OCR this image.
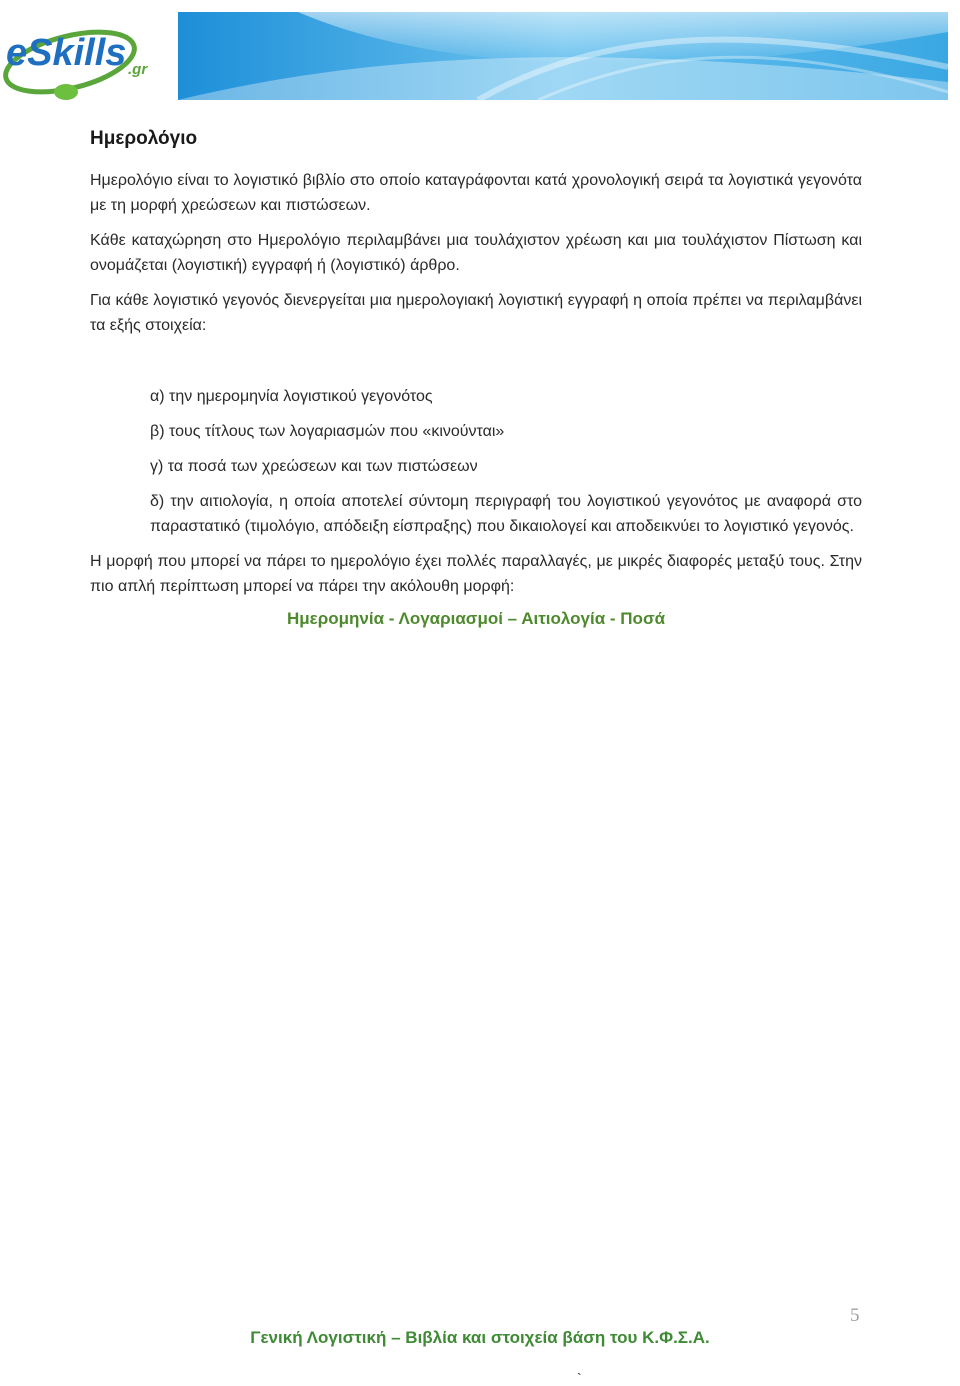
eSkills .gr
Ημερολόγιο

Ημερολόγιο είναι το λογιστικό βιβλίο στο οποίο καταγράφονται κατά χρονολογική σειρά τα λογιστικά γεγονότα με τη μορφή χρεώσεων και πιστώσεων.

Κάθε καταχώρηση στο Ημερολόγιο περιλαμβάνει μια τουλάχιστον χρέωση και μια τουλάχιστον Πίστωση και ονομάζεται (λογιστική) εγγραφή ή (λογιστικό) άρθρο.

Για κάθε λογιστικό γεγονός διενεργείται μια ημερολογιακή λογιστική εγγραφή η οποία πρέπει να περιλαμβάνει τα εξής στοιχεία:

α) την ημερομηνία λογιστικού γεγονότος
β) τους τίτλους των λογαριασμών που «κινούνται»
γ) τα ποσά των χρεώσεων και των πιστώσεων
δ) την αιτιολογία, η οποία αποτελεί σύντομη περιγραφή του λογιστικού γεγονότος με αναφορά στο παραστατικό (τιμολόγιο, απόδειξη είσπραξης) που δικαιολογεί και αποδεικνύει το λογιστικό γεγονός.

Η μορφή που μπορεί να πάρει το ημερολόγιο έχει πολλές παραλλαγές, με μικρές διαφορές μεταξύ τους. Στην πιο απλή περίπτωση μπορεί να πάρει την ακόλουθη μορφή:

Ημερομηνία - Λογαριασμοί – Αιτιολογία - Ποσά
5
Γενική Λογιστική – Βιβλία και στοιχεία βάση του Κ.Φ.Σ.Α.
`
